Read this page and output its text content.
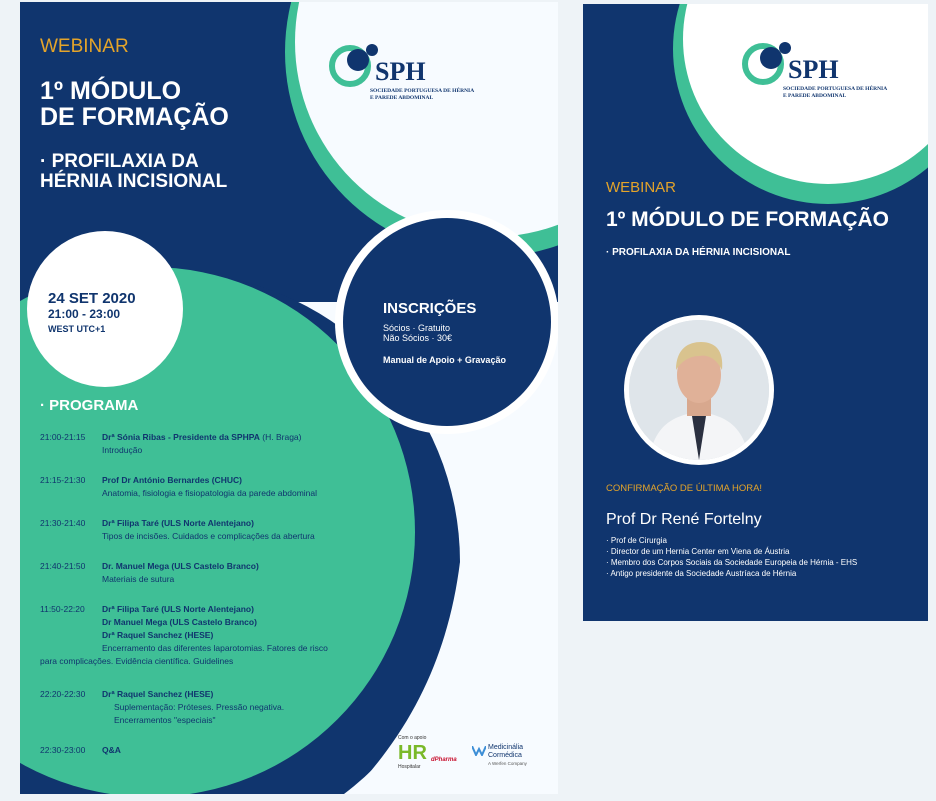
SPH
SOCIEDADE PORTUGUESA DE HÉRNIA
E PAREDE ABDOMINAL
WEBINAR
1º MÓDULO
DE FORMAÇÃO
· PROFILAXIA DA
HÉRNIA INCISIONAL
24 SET 2020
21:00 - 23:00
WEST UTC+1
INSCRIÇÕES
Sócios · Gratuito
Não Sócios · 30€
Manual de Apoio + Gravação
· PROGRAMA
21:00-21:15 Drª Sónia Ribas - Presidente da SPHPA (H. Braga)
Introdução
21:15-21:30 Prof Dr António Bernardes (CHUC)
Anatomia, fisiologia e fisiopatologia da parede abdominal
21:30-21:40 Drª Filipa Taré (ULS Norte Alentejano)
Tipos de incisões. Cuidados e complicações da abertura
21:40-21:50 Dr. Manuel Mega (ULS Castelo Branco)
Materiais de sutura
11:50-22:20 Drª Filipa Taré (ULS Norte Alentejano)
Dr Manuel Mega (ULS Castelo Branco)
Drª Raquel Sanchez (HESE)
Encerramento das diferentes laparotomias. Fatores de risco
para complicações. Evidência científica. Guidelines
22:20-22:30 Drª Raquel Sanchez (HESE)
Suplementação: Próteses. Pressão negativa.
Encerramentos "especiais"
22:30-23:00 Q&A
Com o apoio
HR
Hospitalar
dPharma
Medicinália
Cormédica
A Werfen Company
SPH
SOCIEDADE PORTUGUESA DE HÉRNIA
E PAREDE ABDOMINAL
WEBINAR
1º MÓDULO DE FORMAÇÃO
· PROFILAXIA DA HÉRNIA INCISIONAL
CONFIRMAÇÃO DE ÚLTIMA HORA!
Prof Dr René Fortelny
· Prof de Cirurgia
· Director de um Hernia Center em Viena de Áustria
· Membro dos Corpos Sociais da Sociedade Europeia de Hérnia - EHS
· Antigo presidente da Sociedade Austríaca de Hérnia
